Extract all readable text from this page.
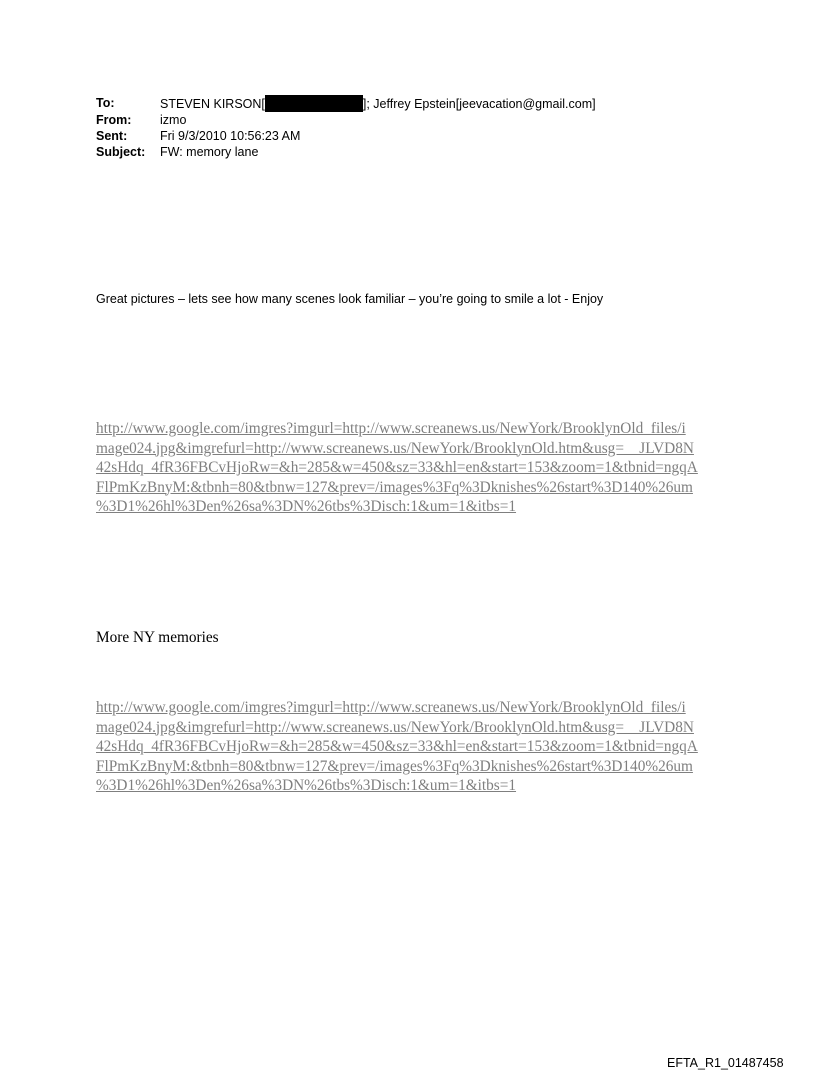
To:	STEVEN KIRSON[	]; Jeffrey Epstein[jeevacation@gmail.com]
From:	izmo
Sent:	Fri 9/3/2010 10:56:23 AM
Subject:	FW: memory lane
Great pictures – lets see how many scenes look familiar – you’re going to smile a lot - Enjoy
http://www.google.com/imgres?imgurl=http://www.screanews.us/NewYork/BrooklynOld_files/i
mage024.jpg&imgrefurl=http://www.screanews.us/NewYork/BrooklynOld.htm&usg=__JLVD8N
42sHdq_4fR36FBCvHjoRw=&h=285&w=450&sz=33&hl=en&start=153&zoom=1&tbnid=ngqA
FlPmKzBnyM:&tbnh=80&tbnw=127&prev=/images%3Fq%3Dknishes%26start%3D140%26um
%3D1%26hl%3Den%26sa%3DN%26tbs%3Disch:1&um=1&itbs=1
More NY memories
http://www.google.com/imgres?imgurl=http://www.screanews.us/NewYork/BrooklynOld_files/i
mage024.jpg&imgrefurl=http://www.screanews.us/NewYork/BrooklynOld.htm&usg=__JLVD8N
42sHdq_4fR36FBCvHjoRw=&h=285&w=450&sz=33&hl=en&start=153&zoom=1&tbnid=ngqA
FlPmKzBnyM:&tbnh=80&tbnw=127&prev=/images%3Fq%3Dknishes%26start%3D140%26um
%3D1%26hl%3Den%26sa%3DN%26tbs%3Disch:1&um=1&itbs=1
EFTA_R1_01487458
